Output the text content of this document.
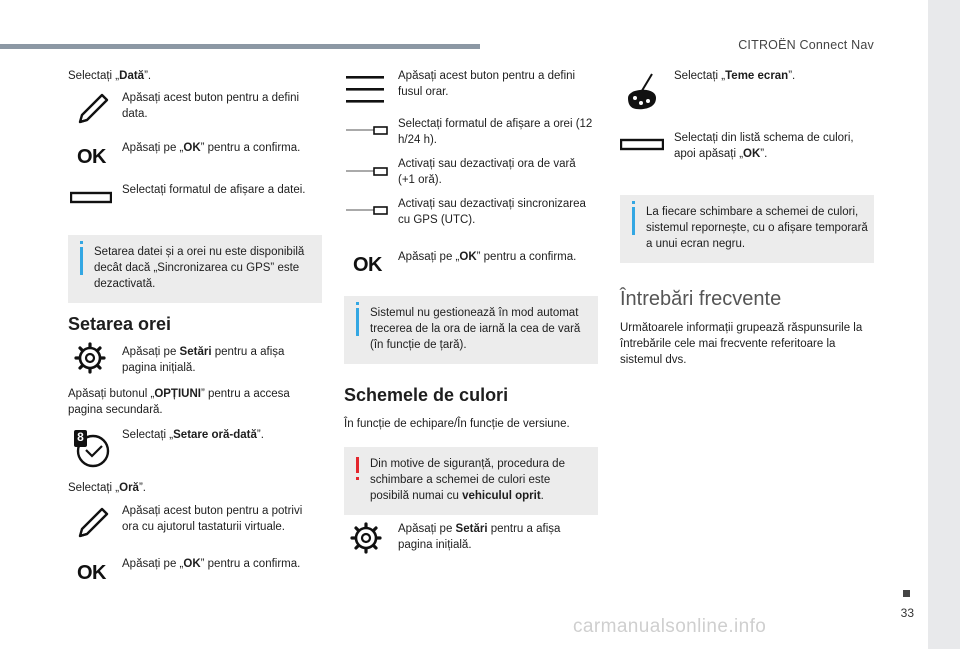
CITROËN Connect Nav
33
carmanualsonline.info
Selectați „Dată”.
Apăsați acest buton pentru a defini data.
OK Apăsați pe „OK” pentru a confirma.
Selectați formatul de afișare a datei.
Setarea datei și a orei nu este disponibilă decât dacă „Sincronizarea cu GPS” este dezactivată.
Setarea orei
Apăsați pe Setări pentru a afișa pagina inițială.
Apăsați butonul „OPȚIUNI” pentru a accesa pagina secundară.
8	Selectați „Setare oră-dată”.
Selectați „Oră”.
Apăsați acest buton pentru a potrivi ora cu ajutorul tastaturii virtuale.
OK Apăsați pe „OK” pentru a confirma.
Apăsați acest buton pentru a defini fusul orar.
Selectați formatul de afișare a orei (12 h/24 h).
Activați sau dezactivați ora de vară (+1 oră).
Activați sau dezactivați sincronizarea cu GPS (UTC).
OK Apăsați pe „OK” pentru a confirma.
Sistemul nu gestionează în mod automat trecerea de la ora de iarnă la cea de vară (în funcție de țară).
Schemele de culori
În funcție de echipare/În funcție de versiune.
Din motive de siguranță, procedura de schimbare a schemei de culori este posibilă numai cu vehiculul oprit.
Apăsați pe Setări pentru a afișa pagina inițială.
Selectați „Teme ecran”.
Selectați din listă schema de culori, apoi apăsați „OK”.
La fiecare schimbare a schemei de culori, sistemul repornește, cu o afișare temporară a unui ecran negru.
Întrebări frecvente
Următoarele informații grupează răspunsurile la întrebările cele mai frecvente referitoare la sistemul dvs.
